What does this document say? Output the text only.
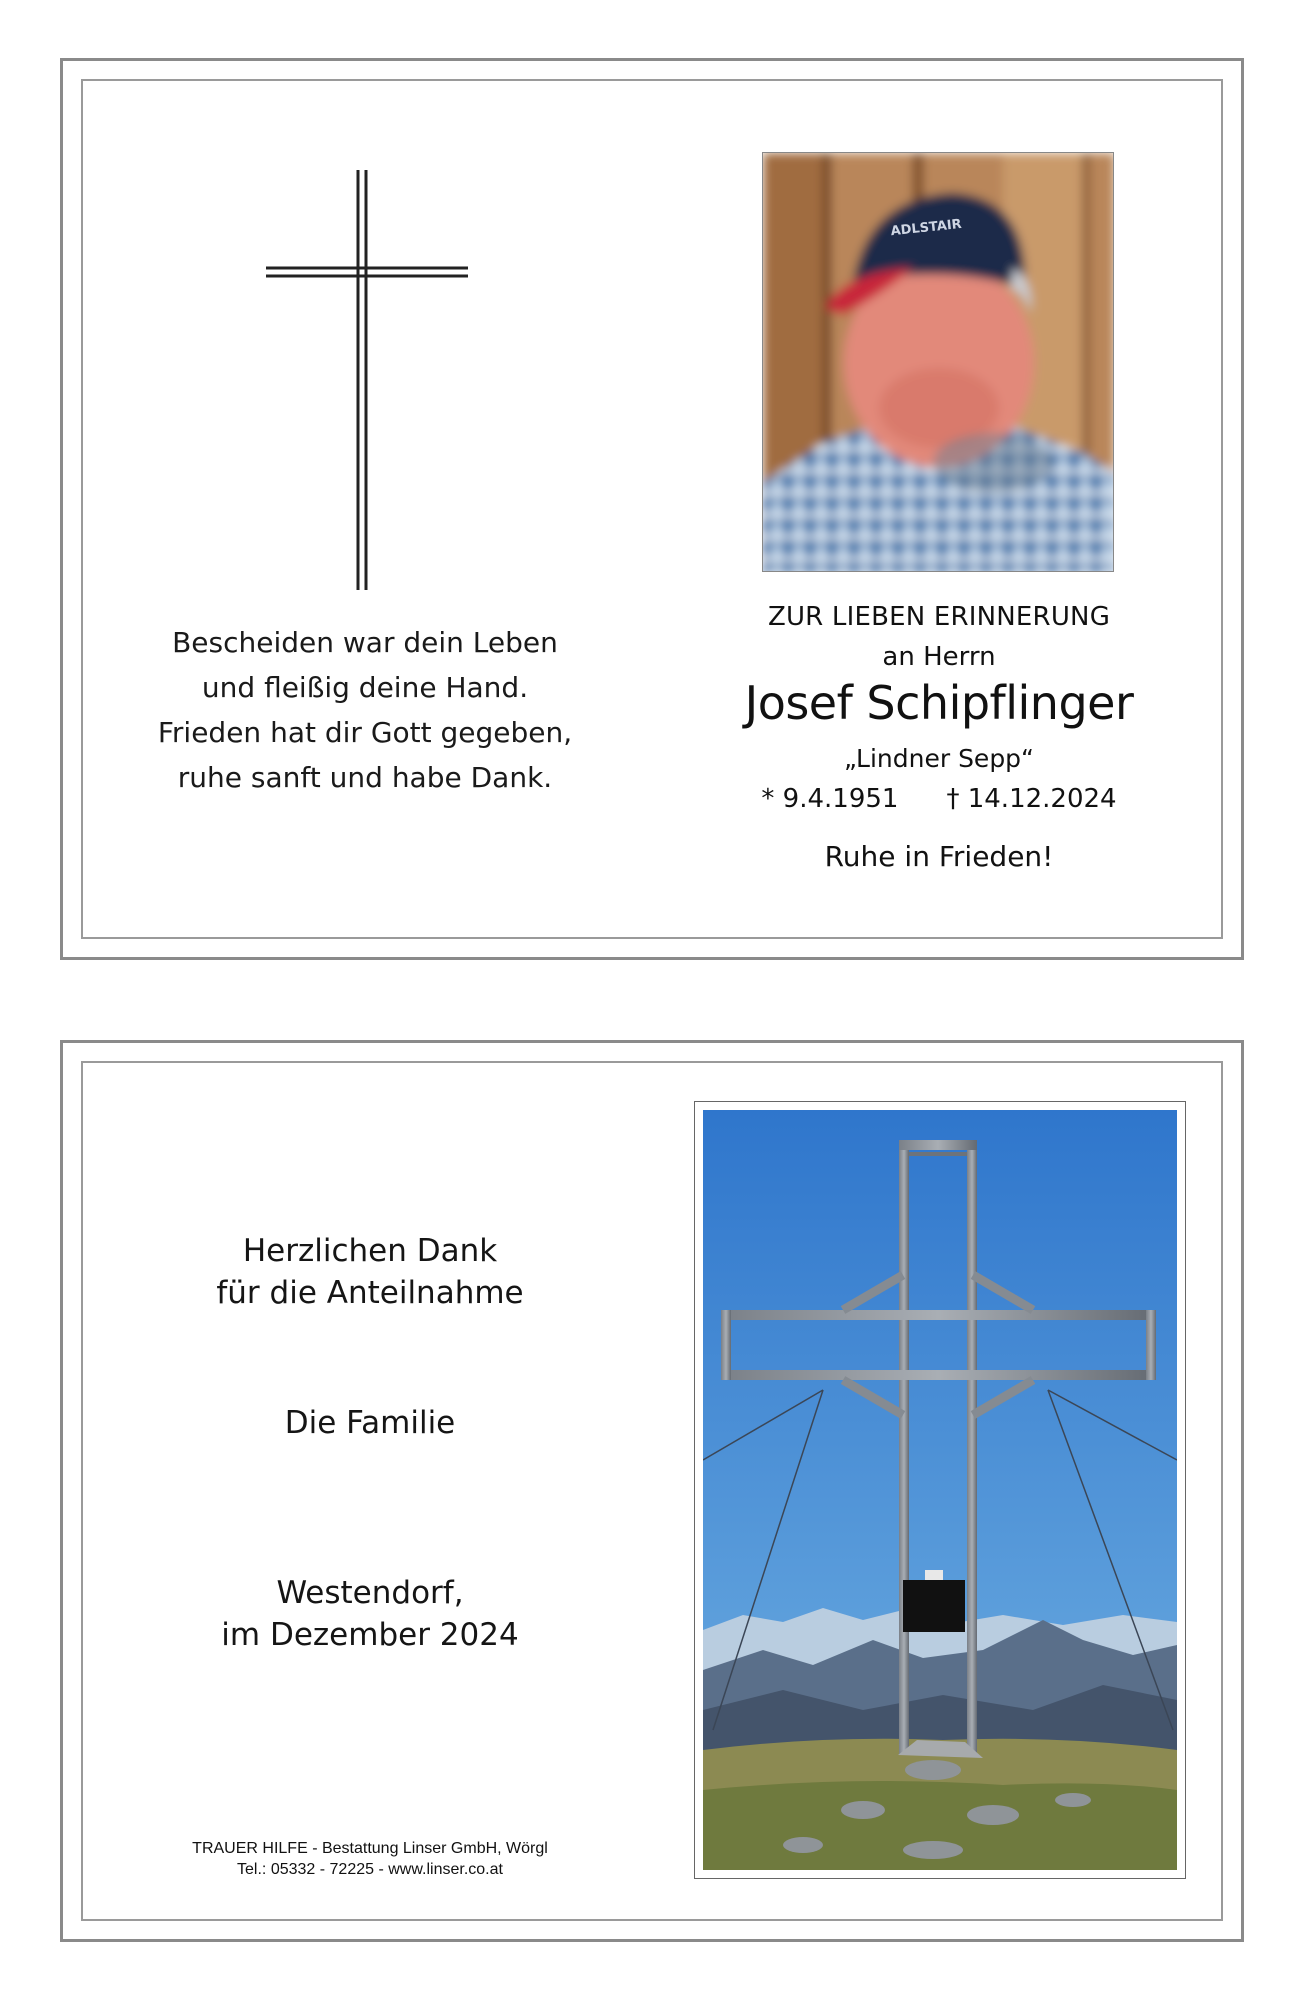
Bescheiden war dein Leben
und fleißig deine Hand.
Frieden hat dir Gott gegeben,
ruhe sanft und habe Dank.
ADLSTAIR
ZUR LIEBEN ERINNERUNG
an Herrn
Josef Schipflinger
„Lindner Sepp“
* 9.4.1951 † 14.12.2024
Ruhe in Frieden!
Herzlichen Dank
für die Anteilnahme
Die Familie
Westendorf,
im Dezember 2024
TRAUER HILFE - Bestattung Linser GmbH, Wörgl
Tel.: 05332 - 72225 - www.linser.co.at
